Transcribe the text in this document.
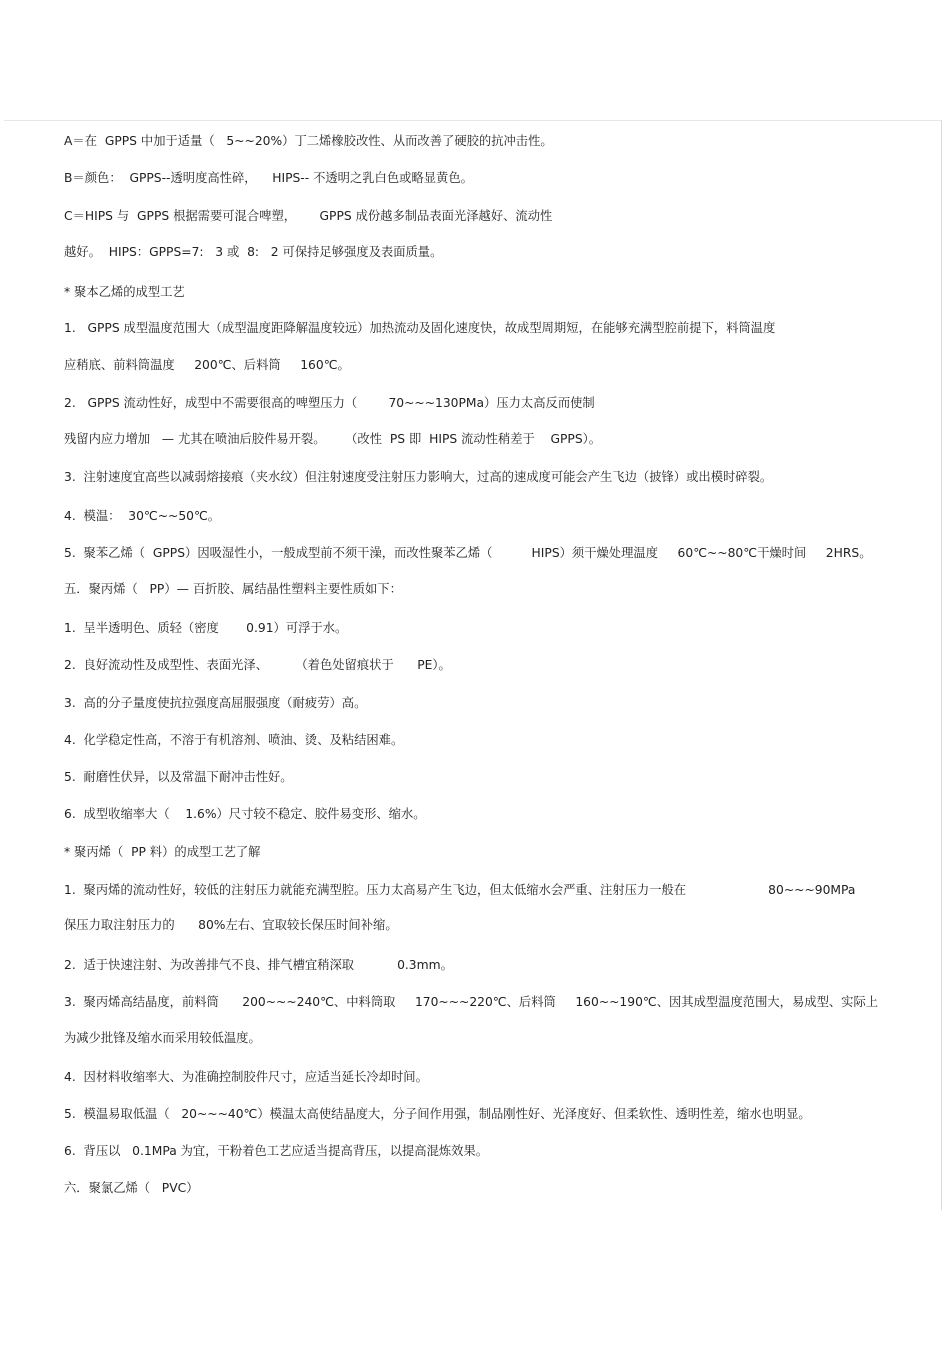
A＝在  GPPS 中加于适量（   5~~20%）丁二烯橡胶改性、从而改善了硬胶的抗冲击性。

B＝颜色：  GPPS--透明度高性碎，    HIPS-- 不透明之乳白色或略显黄色。

C＝HIPS 与  GPPS 根据需要可混合啤塑，      GPPS 成份越多制品表面光泽越好、流动性

越好。  HIPS：GPPS=7:   3 或  8:   2 可保持足够强度及表面质量。

* 聚本乙烯的成型工艺

1.   GPPS 成型温度范围大（成型温度距降解温度较远）加热流动及固化速度快，故成型周期短，在能够充满型腔前提下，料筒温度

应稍底、前料筒温度     200℃、后料筒     160℃。

2.   GPPS 流动性好，成型中不需要很高的啤塑压力（        70~~~130PMa）压力太高反而使制

残留内应力增加   — 尤其在喷油后胶件易开裂。     （改性  PS 即  HIPS 流动性稍差于    GPPS）。

3.  注射速度宜高些以减弱熔接痕（夹水纹）但注射速度受注射压力影响大，过高的速成度可能会产生飞边（披锋）或出模时碎裂。

4.  模温：  30℃~~50℃。

5.  聚苯乙烯（  GPPS）因吸湿性小，一般成型前不须干澡，而改性聚苯乙烯（          HIPS）须干燥处理温度     60℃~~80℃干燥时间     2HRS。

五．聚丙烯（   PP）— 百折胶、属结晶性塑料主要性质如下：

1.  呈半透明色、质轻（密度       0.91）可浮于水。

2.  良好流动性及成型性、表面光泽、       （着色处留痕状于      PE）。

3.  高的分子量度使抗拉强度高屈服强度（耐疲劳）高。

4.  化学稳定性高，不溶于有机溶剂、喷油、烫、及粘结困难。

5.  耐磨性伏异，以及常温下耐冲击性好。

6.  成型收缩率大（    1.6%）尺寸较不稳定、胶件易变形、缩水。

* 聚丙烯（  PP 料）的成型工艺了解

1.  聚丙烯的流动性好，较低的注射压力就能充满型腔。压力太高易产生飞边，但太低缩水会严重、注射压力一般在                     80~~~90MPa

保压力取注射压力的      80%左右、宜取较长保压时间补缩。

2.  适于快速注射、为改善排气不良、排气槽宜稍深取           0.3mm。

3.  聚丙烯高结晶度，前料筒      200~~~240℃、中料筒取     170~~~220℃、后料筒     160~~190℃、因其成型温度范围大，易成型、实际上

为减少批锋及缩水而采用较低温度。

4.  因材料收缩率大、为准确控制胶件尺寸，应适当延长冷却时间。

5.  模温易取低温（   20~~~40℃）模温太高使结晶度大，分子间作用强，制品刚性好、光泽度好、但柔软性、透明性差，缩水也明显。

6.  背压以   0.1MPa 为宜，干粉着色工艺应适当提高背压，以提高混炼效果。

六．聚氯乙烯（   PVC）
